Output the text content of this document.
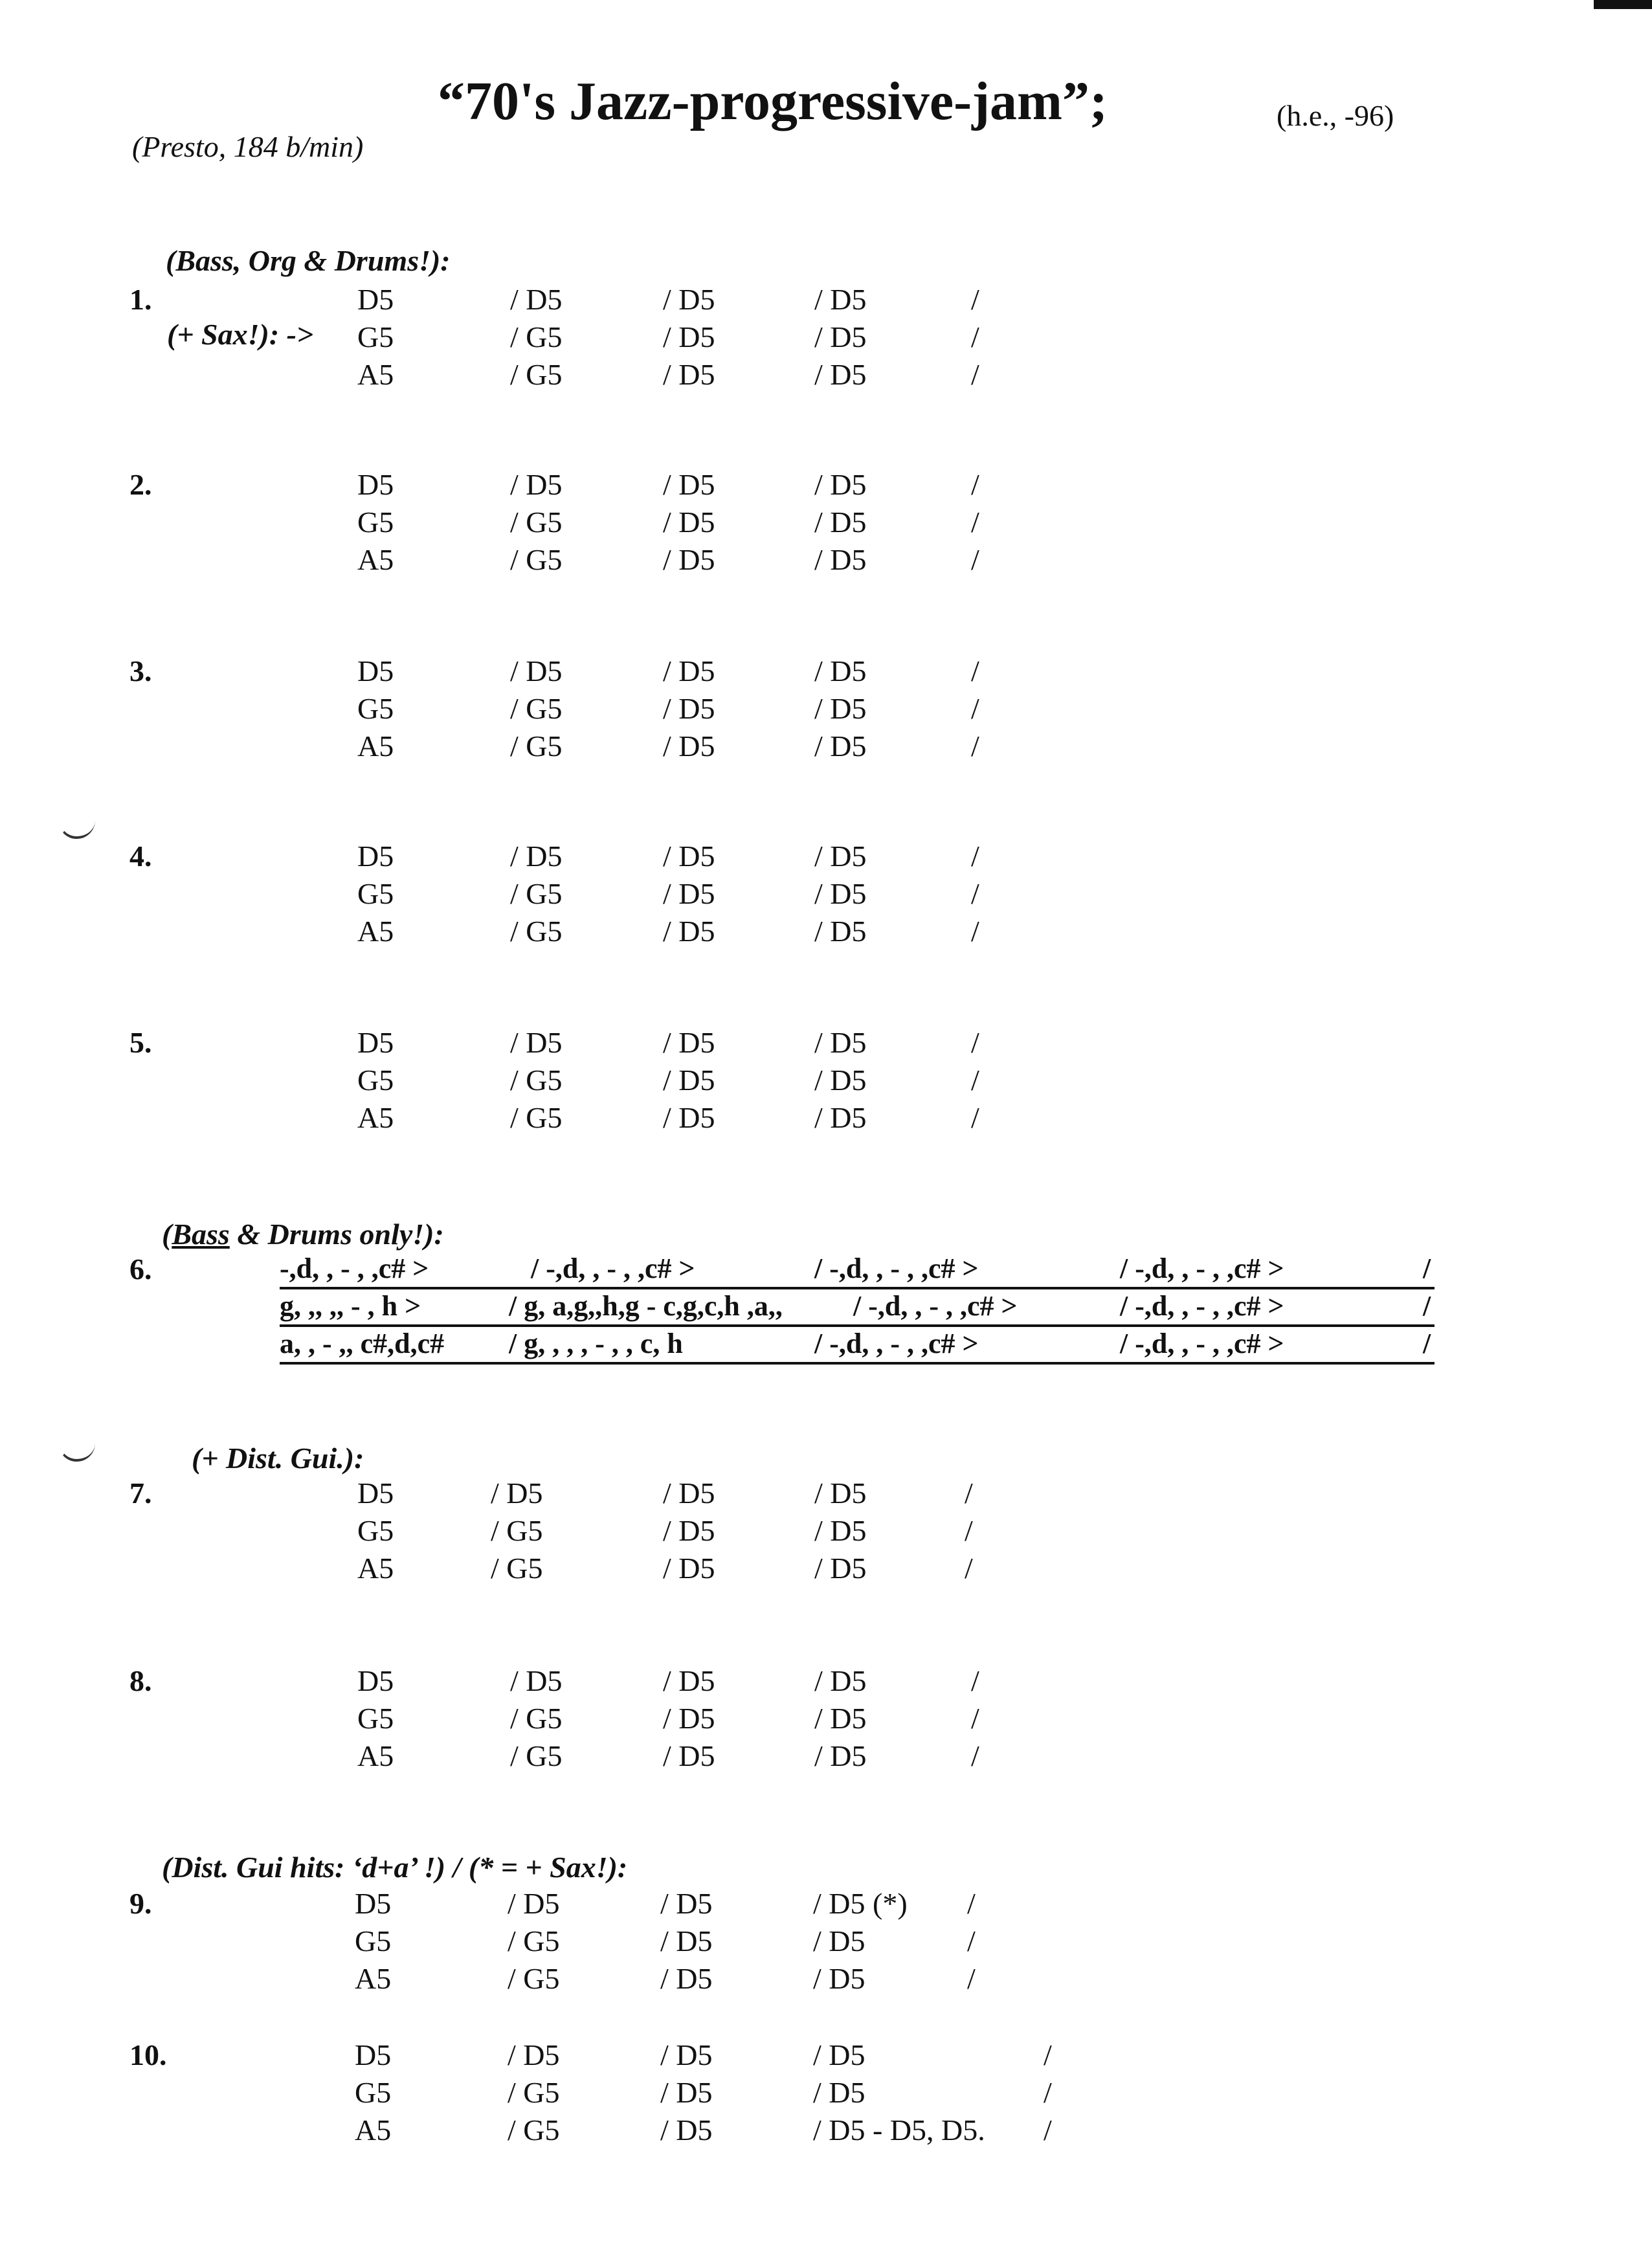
“70's Jazz-progressive-jam”;	(h.e., -96)
(Presto, 184 b/min)
(Bass, Org & Drums!):
(+ Sax!): ->
(Bass & Drums only!):
(+ Dist. Gui.):
(Dist. Gui hits: ‘d+a’ !) / (* = + Sax!):
1.
2.
3.
4.
5.
6.
7.
8.
9.
10.
D5	/ D5	/ D5	/ D5	/
G5	/ G5	/ D5	/ D5	/
A5	/ G5	/ D5	/ D5	/
D5	/ D5	/ D5	/ D5	/
G5	/ G5	/ D5	/ D5	/
A5	/ G5	/ D5	/ D5	/
D5	/ D5	/ D5	/ D5	/
G5	/ G5	/ D5	/ D5	/
A5	/ G5	/ D5	/ D5	/
D5	/ D5	/ D5	/ D5	/
G5	/ G5	/ D5	/ D5	/
A5	/ G5	/ D5	/ D5	/
D5	/ D5	/ D5	/ D5	/
G5	/ G5	/ D5	/ D5	/
A5	/ G5	/ D5	/ D5	/
-,d, , - , ,c# >	/ -,d, , - , ,c# >	/ -,d, , - , ,c# >	/ -,d, , - , ,c# >	/
g, ,, ,, - , h >	/ g, a,g,,h,g - c,g,c,h ,a,, / -,d, , - , ,c# >	/ -,d, , - , ,c# >	/
a, , - ,, c#,d,c# / g, , , , - , , c, h	/ -,d, , - , ,c# >	/ -,d, , - , ,c# >	/
D5	/ D5	/ D5	/ D5	/
G5	/ G5	/ D5	/ D5	/
A5	/ G5	/ D5	/ D5	/
D5	/ D5	/ D5	/ D5	/
G5	/ G5	/ D5	/ D5	/
A5	/ G5	/ D5	/ D5	/
D5	/ D5	/ D5	/ D5 (*) /
G5	/ G5	/ D5	/ D5	/
A5	/ G5	/ D5	/ D5	/
D5	/ D5	/ D5	/ D5	/
G5	/ G5	/ D5	/ D5	/
A5	/ G5	/ D5	/ D5 - D5, D5. /
